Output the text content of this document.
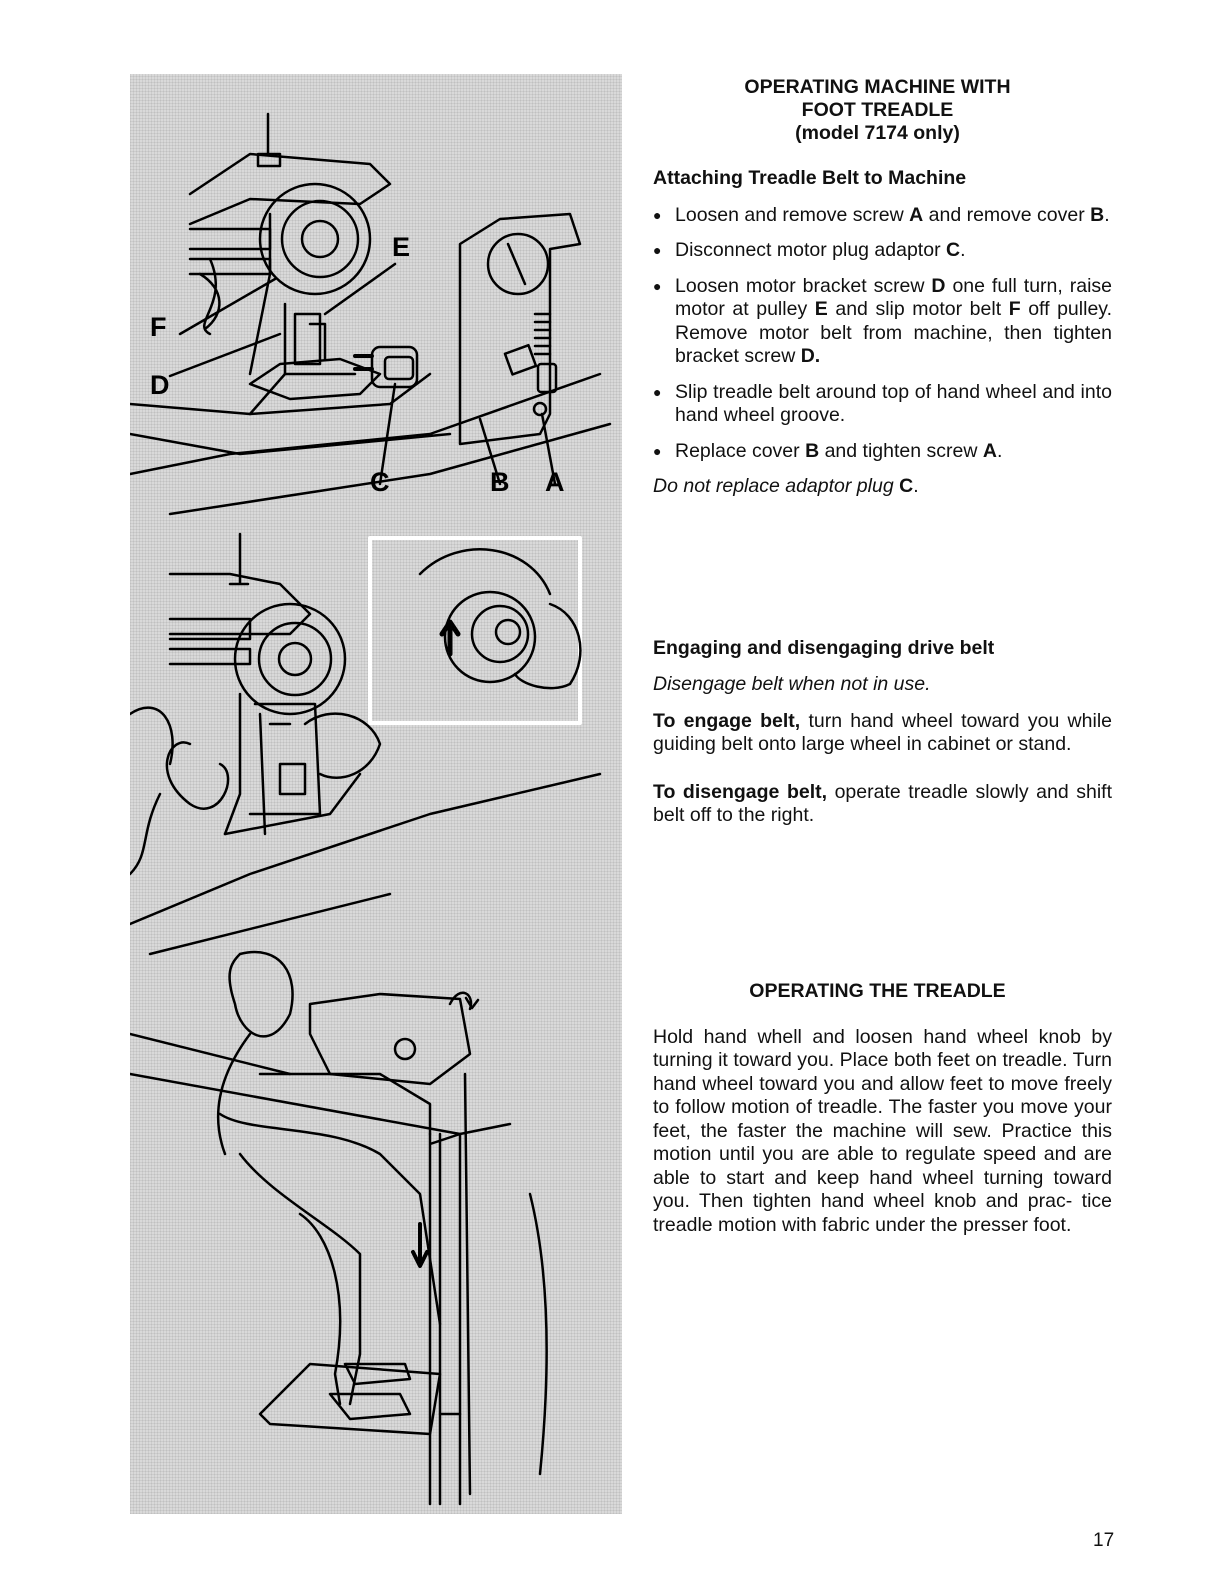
E
F
D
C	B A
OPERATING MACHINE WITH
FOOT TREADLE
(model 7174 only)

Attaching Treadle Belt to Machine

● Loosen and remove screw A and remove cover B.
● Disconnect motor plug adaptor C.
● Loosen motor bracket screw D one full turn, raise motor at pulley E and slip motor belt F off pulley. Remove motor belt from machine, then tighten bracket screw D.
● Slip treadle belt around top of hand wheel and into hand wheel groove.
● Replace cover B and tighten screw A.

Do not replace adaptor plug C.

Engaging and disengaging drive belt

Disengage belt when not in use.

To engage belt, turn hand wheel toward you while guiding belt onto large wheel in cabinet or stand.

To disengage belt, operate treadle slowly and shift belt off to the right.

OPERATING THE TREADLE

Hold hand whell and loosen hand wheel knob by turning it toward you. Place both feet on treadle. Turn hand wheel toward you and allow feet to move freely to follow motion of treadle. The faster you move your feet, the faster the machine will sew. Practice this motion until you are able to regulate speed and are able to start and keep hand wheel turning toward you. Then tighten hand wheel knob and prac- tice treadle motion with fabric under the presser foot.

17
